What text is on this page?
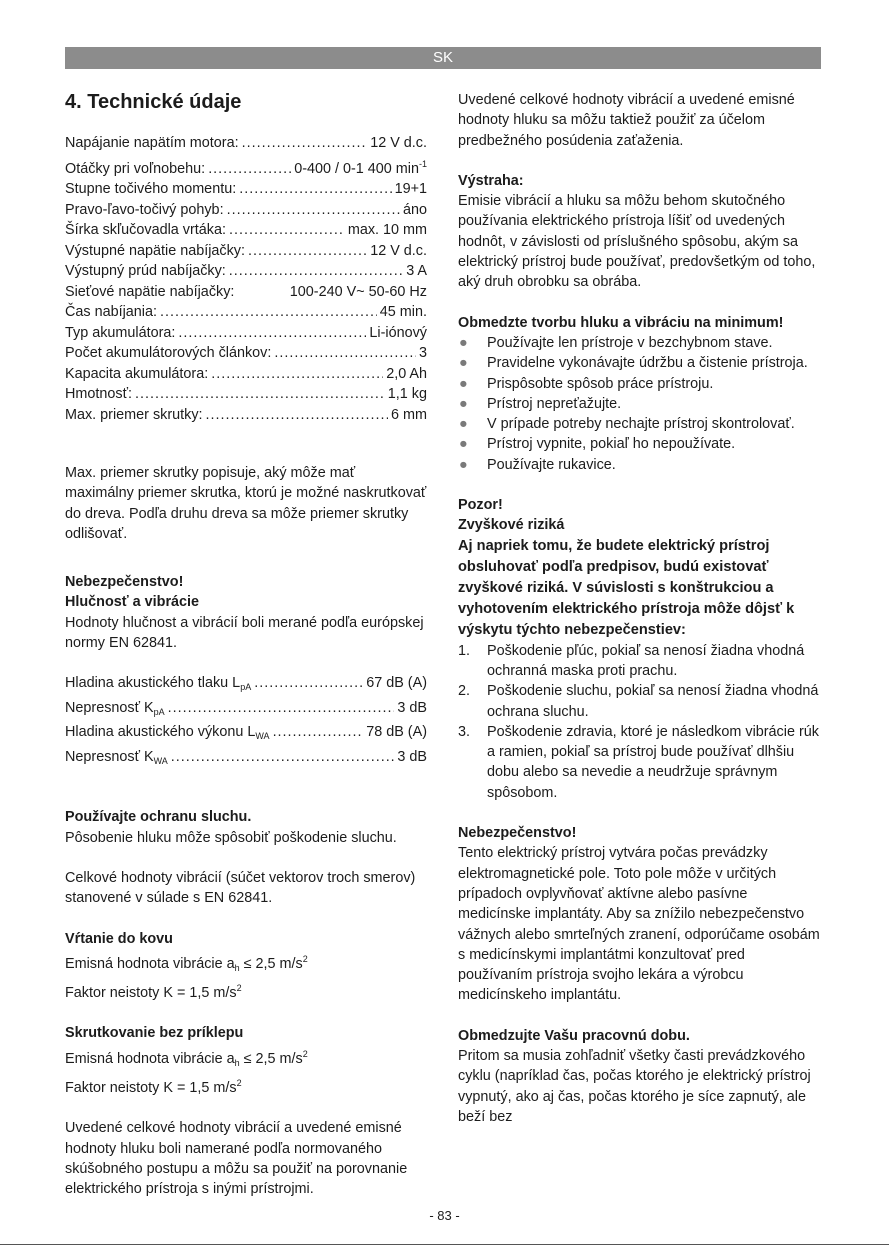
SK
4. Technické údaje
Napájanie napätím motora: .....	12 V d.c.
Otáčky pri voľnobehu: .....	0-400 / 0-1 400 $\min^{-1}$
Stupne točivého momentu: .....	19+1
Pravo-ľavo-točivý pohyb: .....	áno
Šírka skľučovadla vrtáka: .....	max. 10 mm
Výstupné napätie nabíjačky: .....	12 V d.c.
Výstupný prúd nabíjačky: .....	3 A
Sieťové napätie nabíjačky:	100-240 V~ 50-60 Hz
Čas nabíjania: .....	45 min.
Typ akumulátora: .....	Li-iónový
Počet akumulátorových článkov: .....	3
Kapacita akumulátora: .....	2,0 Ah
Hmotnosť: .....	1,1 kg
Max. priemer skrutky: .....	6 mm

Max. priemer skrutky popisuje, aký môže mať maximálny priemer skrutka, ktorú je možné naskrutkovať do dreva. Podľa druhu dreva sa môže priemer skrutky odlišovať.

Nebezpečenstvo!

Hlučnosť a vibrácie

Hodnoty hlučnost a vibrácií boli merané podľa európskej normy EN 62841.

Hladina akustického tlaku $L_{pA}$ .....	67 dB (A)
Nepresnosť $K_{pA}$ .....	3 dB
Hladina akustického výkonu $L_{WA}$ .....	78 dB (A)
Nepresnosť $K_{WA}$ .....	3 dB

Používajte ochranu sluchu.

Pôsobenie hluku môže spôsobiť poškodenie sluchu.

Celkové hodnoty vibrácií (súčet vektorov troch smerov) stanovené v súlade s EN 62841.

Vŕtanie do kovu

Emisná hodnota vibrácie $a_h \le 2,5$ $m/s^2$

Faktor neistoty K = 1,5 $m/s^2$

Skrutkovanie bez príklepu

Emisná hodnota vibrácie $a_h \le 2,5$ $m/s^2$

Faktor neistoty K = 1,5 $m/s^2$

Uvedené celkové hodnoty vibrácií a uvedené emisné hodnoty hluku boli namerané podľa normovaného skúšobného postupu a môžu sa použiť na porovnanie elektrického prístroja s inými prístrojmi.

Uvedené celkové hodnoty vibrácií a uvedené emisné hodnoty hluku sa môžu taktiež použiť za účelom predbežného posúdenia zaťaženia.

Výstraha:

Emisie vibrácií a hluku sa môžu behom skutočného používania elektrického prístroja líšiť od uvedených hodnôt, v závislosti od príslušného spôsobu, akým sa elektrický prístroj bude používať, predovšetkým od toho, aký druh obrobku sa obrába.

Obmedzte tvorbu hluku a vibráciu na minimum!

● Používajte len prístroje v bezchybnom stave.
● Pravidelne vykonávajte údržbu a čistenie prístroja.
● Prispôsobte spôsob práce prístroju.
● Prístroj nepreťažujte.
● V prípade potreby nechajte prístroj skontrolovať.
● Prístroj vypnite, pokiaľ ho nepoužívate.
● Používajte rukavice.

Pozor!

Zvyškové riziká

Aj napriek tomu, že budete elektrický prístroj obsluhovať podľa predpisov, budú existovať zvyškové riziká. V súvislosti s konštrukciou a vyhotovením elektrického prístroja môže dôjsť k výskytu týchto nebezpečenstiev:

1. Poškodenie pľúc, pokiaľ sa nenosí žiadna vhodná ochranná maska proti prachu.
2. Poškodenie sluchu, pokiaľ sa nenosí žiadna vhodná ochrana sluchu.
3. Poškodenie zdravia, ktoré je následkom vibrácie rúk a ramien, pokiaľ sa prístroj bude používať dlhšiu dobu alebo sa nevedie a neudržuje správnym spôsobom.

Nebezpečenstvo!

Tento elektrický prístroj vytvára počas prevádzky elektromagnetické pole. Toto pole môže v určitých prípadoch ovplyvňovať aktívne alebo pasívne medicínske implantáty. Aby sa znížilo nebezpečenstvo vážnych alebo smrteľných zranení, odporúčame osobám s medicínskymi implantátmi konzultovať pred používaním prístroja svojho lekára a výrobcu medicínskeho implantátu.

Obmedzujte Vašu pracovnú dobu.

Pritom sa musia zohľadniť všetky časti prevádzkového cyklu (napríklad čas, počas ktorého je elektrický prístroj vypnutý, ako aj čas, počas ktorého je síce zapnutý, ale beží bez

- 83 -
